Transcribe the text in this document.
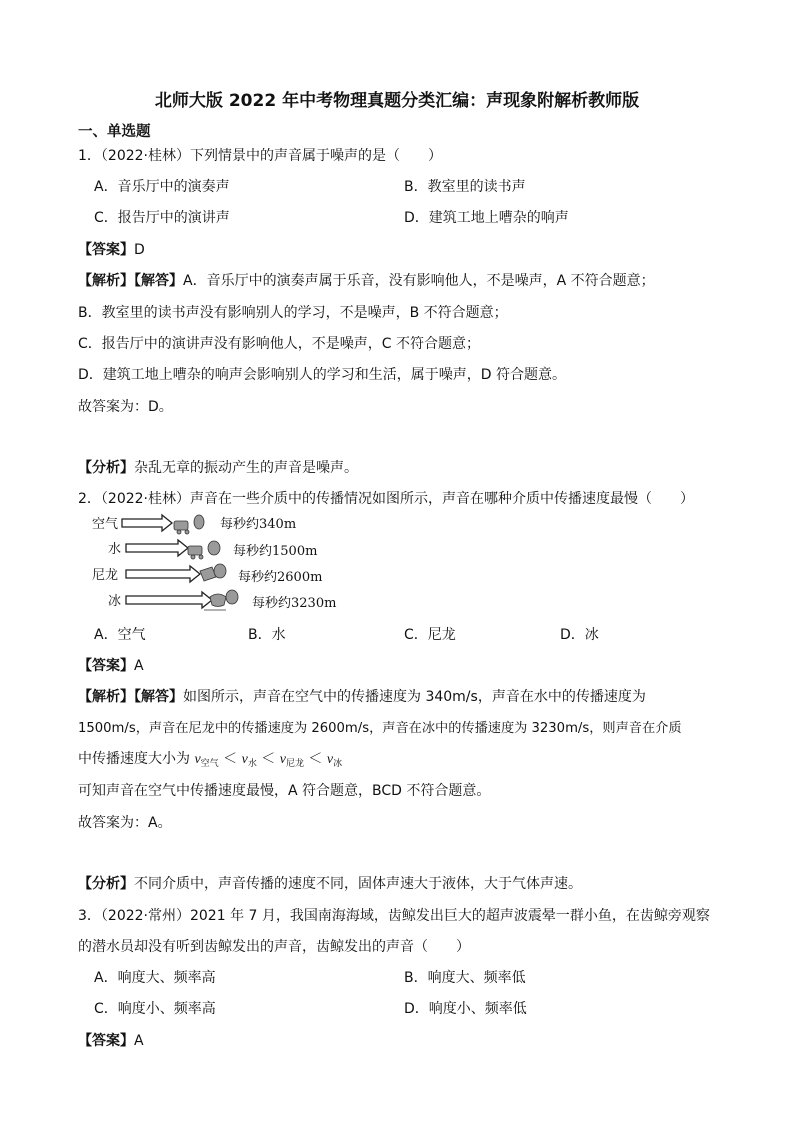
北师大版 2022 年中考物理真题分类汇编：声现象附解析教师版
一、单选题
1．（2022·桂林）下列情景中的声音属于噪声的是（　　）
A．音乐厅中的演奏声	B．教室里的读书声
C．报告厅中的演讲声	D．建筑工地上嘈杂的响声
【答案】D
【解析】【解答】A．音乐厅中的演奏声属于乐音，没有影响他人，不是噪声，A 不符合题意；
B．教室里的读书声没有影响别人的学习，不是噪声，B 不符合题意；
C．报告厅中的演讲声没有影响他人，不是噪声，C 不符合题意；
D．建筑工地上嘈杂的响声会影响别人的学习和生活，属于噪声，D 符合题意。
故答案为：D。
【分析】杂乱无章的振动产生的声音是噪声。
2．（2022·桂林）声音在一些介质中的传播情况如图所示，声音在哪种介质中传播速度最慢（　　）
空气
水
尼龙
冰
每秒约340m
每秒约1500m
每秒约2600m
每秒约3230m
A．空气	B．水	C．尼龙	D．冰
【答案】A
【解析】【解答】如图所示，声音在空气中的传播速度为 340m/s，声音在水中的传播速度为
1500m/s，声音在尼龙中的传播速度为 2600m/s，声音在冰中的传播速度为 3230m/s，则声音在介质
中传播速度大小为 $v_{空气} < v_水 < v_{尼龙} < v_冰$
可知声音在空气中传播速度最慢，A 符合题意，BCD 不符合题意。
故答案为：A。
【分析】不同介质中，声音传播的速度不同，固体声速大于液体，大于气体声速。
3．（2022·常州）2021 年 7 月，我国南海海域，齿鲸发出巨大的超声波震晕一群小鱼，在齿鲸旁观察
的潜水员却没有听到齿鲸发出的声音，齿鲸发出的声音（　　）
A．响度大、频率高	B．响度大、频率低
C．响度小、频率高	D．响度小、频率低
【答案】A
